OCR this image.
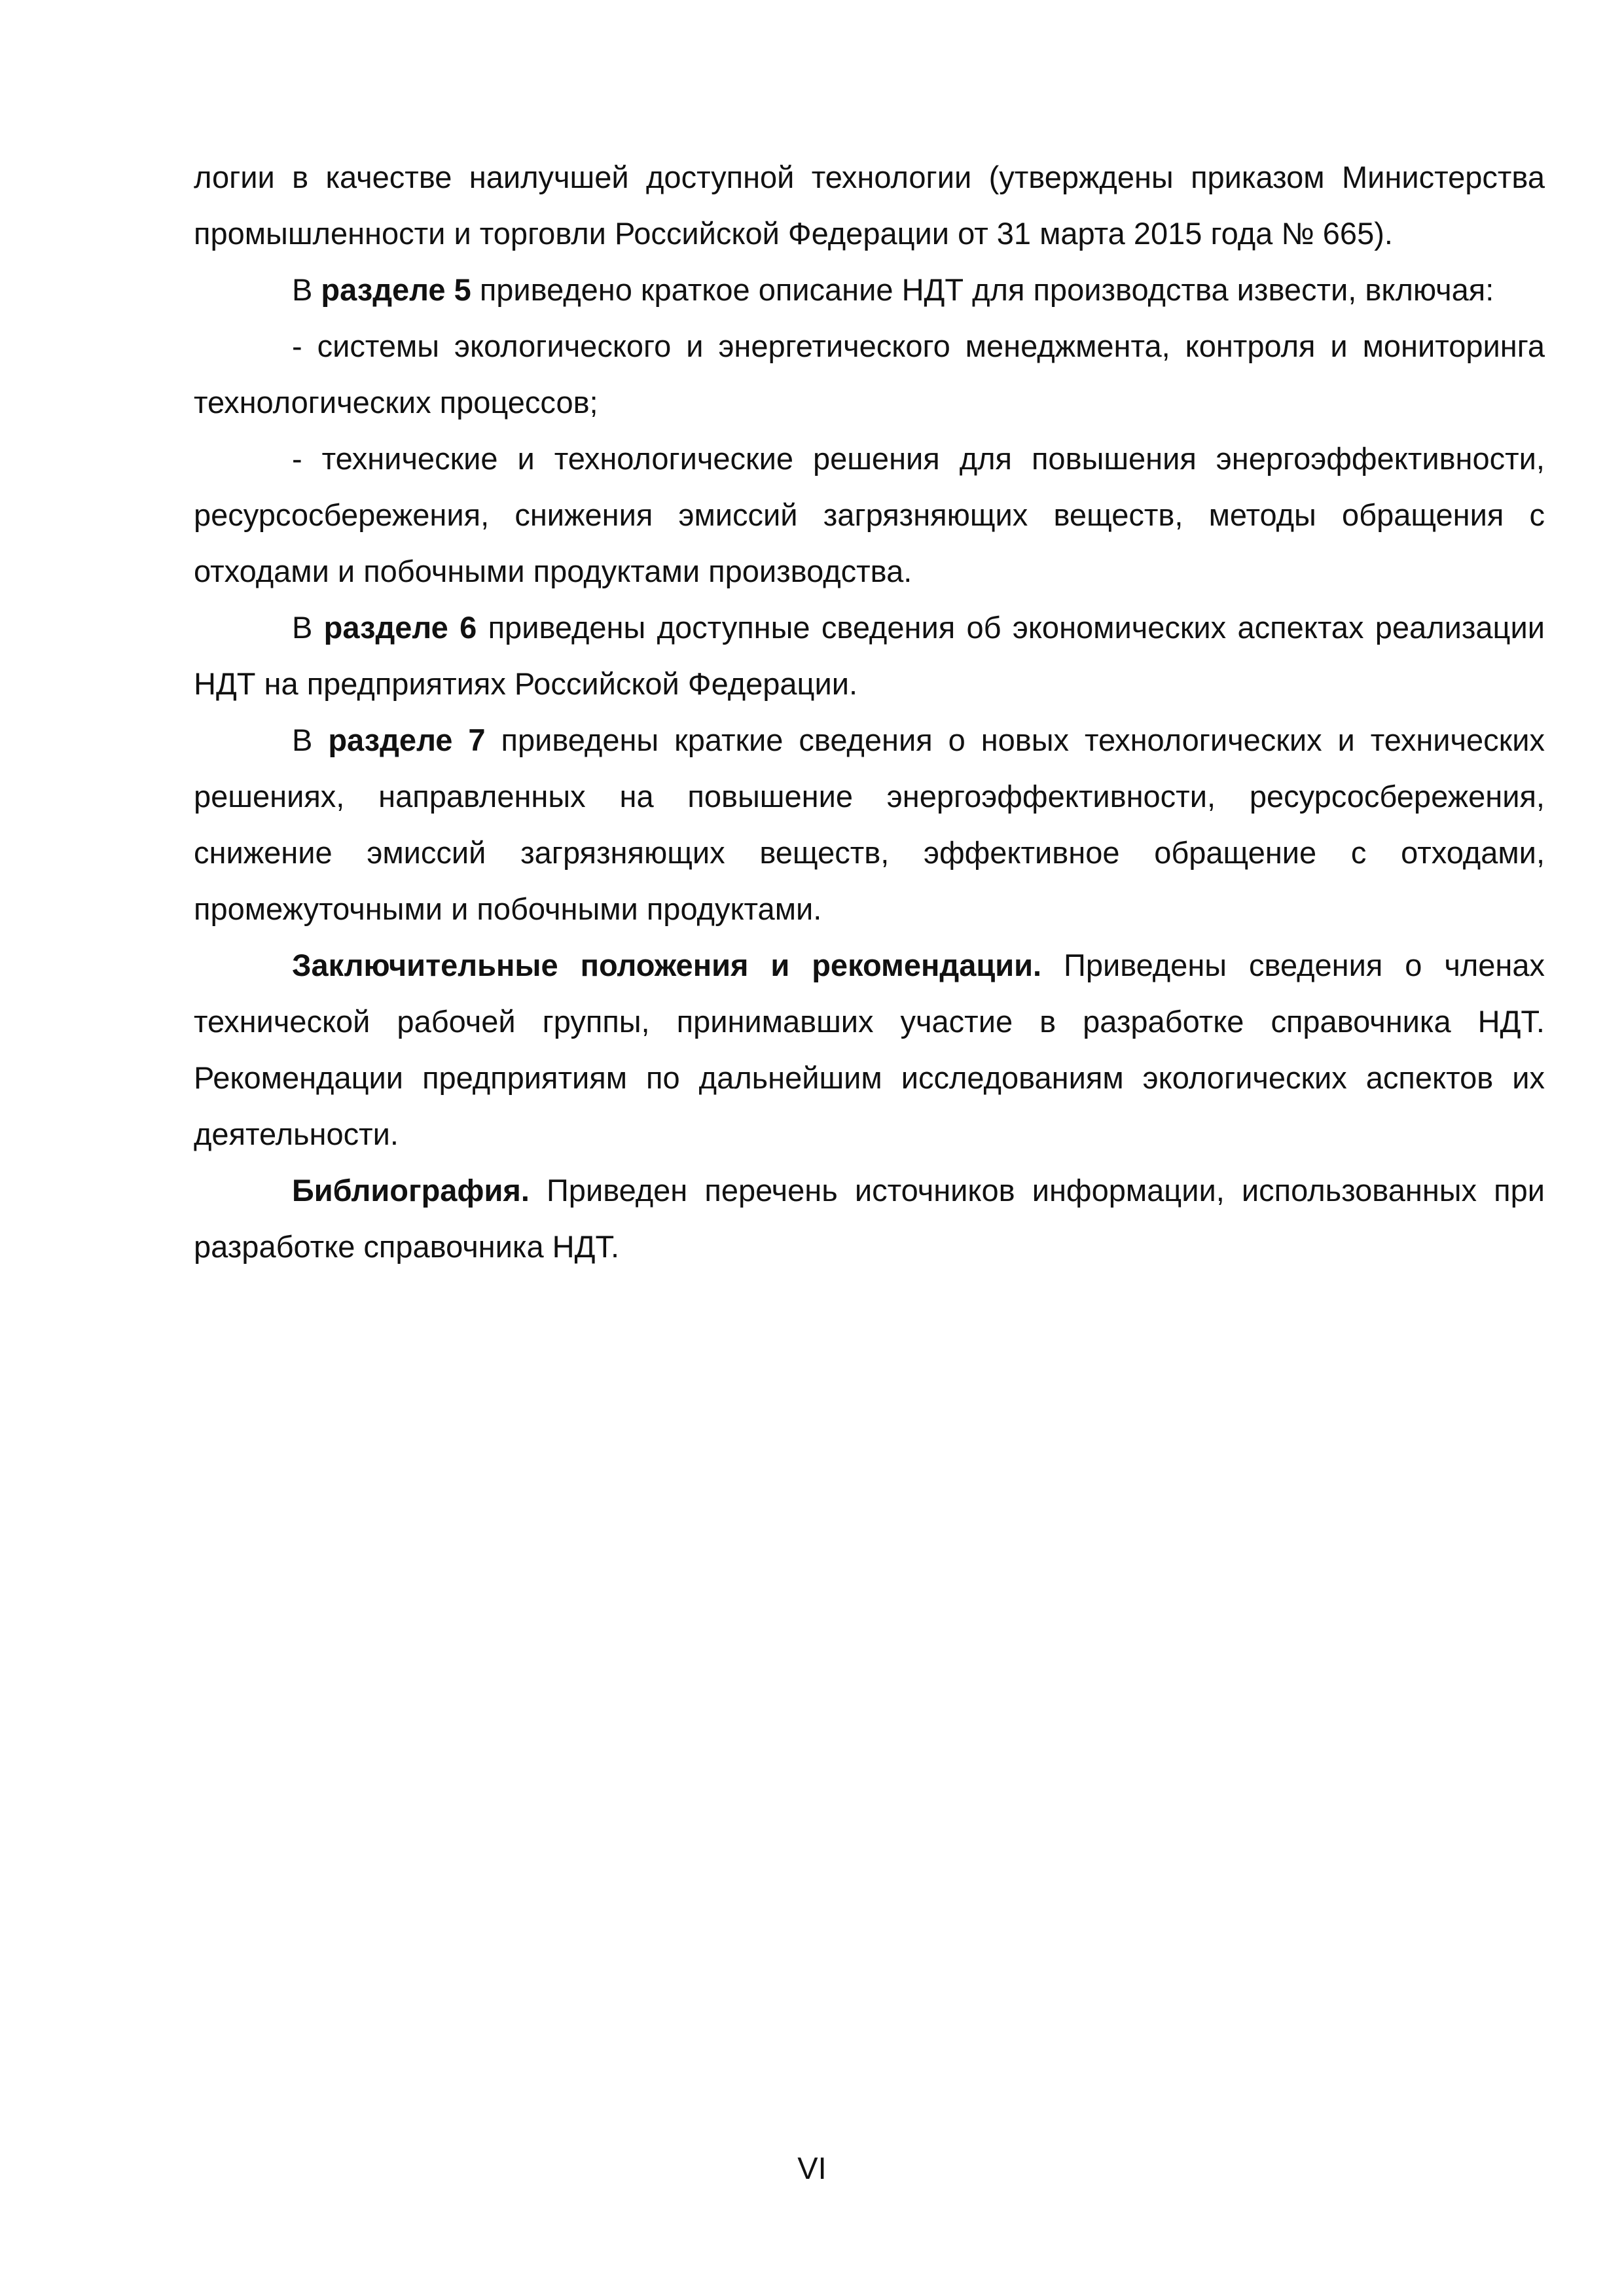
логии в качестве наилучшей доступной технологии (утверждены приказом Министерства промышленности и торговли Российской Федерации от 31 марта 2015 года № 665).

В разделе 5 приведено краткое описание НДТ для производства извести, включая:

- системы экологического и энергетического менеджмента, контроля и мониторинга технологических процессов;

- технические и технологические решения для повышения энергоэффективности, ресурсосбережения, снижения эмиссий загрязняющих веществ, методы обращения с отходами и побочными продуктами производства.

В разделе 6 приведены доступные сведения об экономических аспектах реализации НДТ на предприятиях Российской Федерации.

В разделе 7 приведены краткие сведения о новых технологических и технических решениях, направленных на повышение энергоэффективности, ресурсосбережения, снижение эмиссий загрязняющих веществ, эффективное обращение с отходами, промежуточными и побочными продуктами.

Заключительные положения и рекомендации. Приведены сведения о членах технической рабочей группы, принимавших участие в разработке справочника НДТ. Рекомендации предприятиям по дальнейшим исследованиям экологических аспектов их деятельности.

Библиография. Приведен перечень источников информации, использованных при разработке справочника НДТ.

VI
